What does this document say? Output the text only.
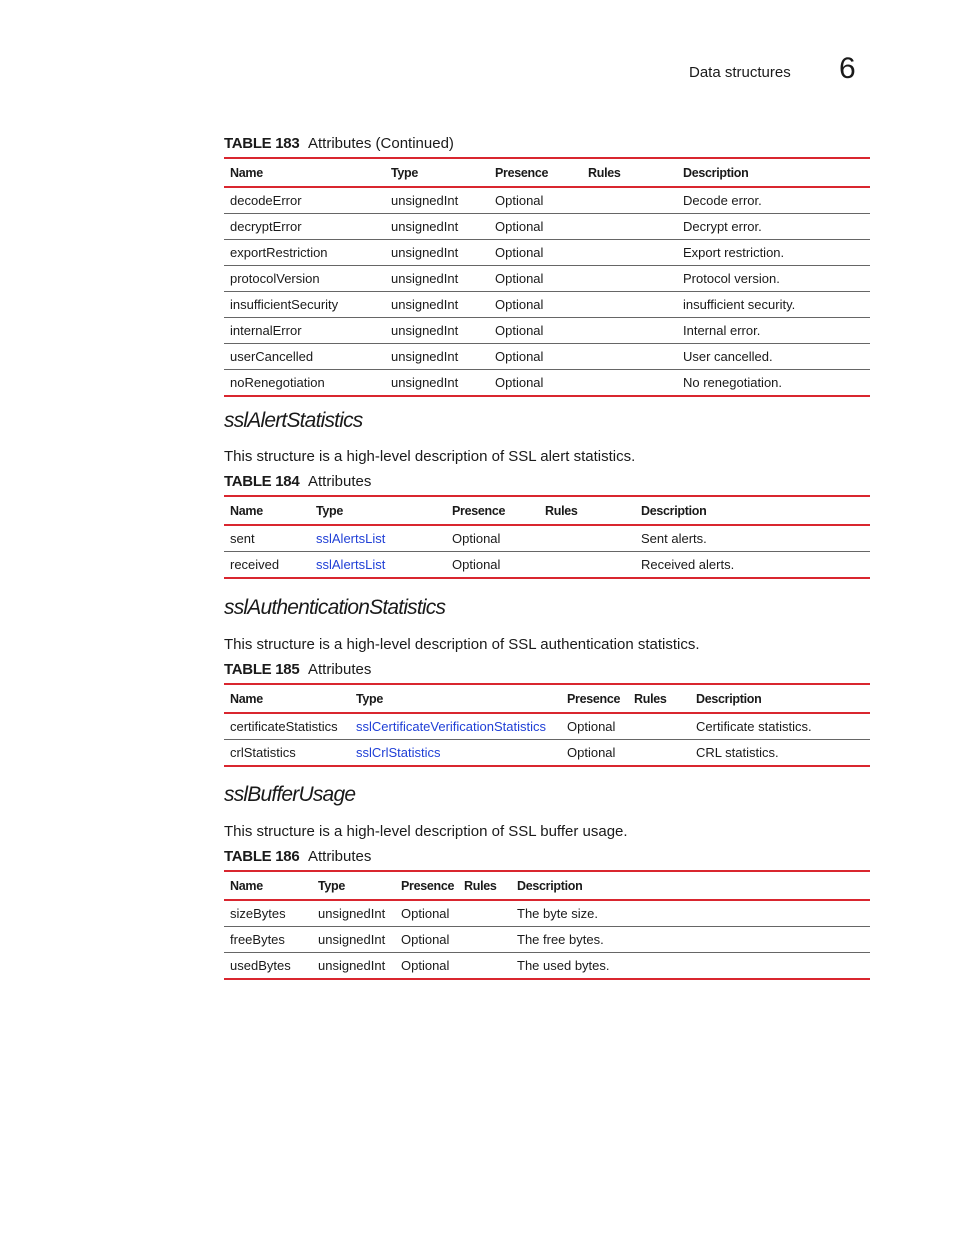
Data structures 6
TABLE 183 Attributes (Continued)
Name	Type	Presence	Rules	Description
decodeError	unsignedInt	Optional		Decode error.
decryptError	unsignedInt	Optional		Decrypt error.
exportRestriction	unsignedInt	Optional		Export restriction.
protocolVersion	unsignedInt	Optional		Protocol version.
insufficientSecurity	unsignedInt	Optional		insufficient security.
internalError	unsignedInt	Optional		Internal error.
userCancelled	unsignedInt	Optional		User cancelled.
noRenegotiation	unsignedInt	Optional		No renegotiation.
sslAlertStatistics
This structure is a high-level description of SSL alert statistics.
TABLE 184 Attributes
Name	Type	Presence	Rules	Description
sent	sslAlertsList	Optional		Sent alerts.
received	sslAlertsList	Optional		Received alerts.
sslAuthenticationStatistics
This structure is a high-level description of SSL authentication statistics.
TABLE 185 Attributes
Name	Type	Presence	Rules	Description
certificateStatistics	sslCertificateVerificationStatistics	Optional		Certificate statistics.
crlStatistics	sslCrlStatistics	Optional		CRL statistics.
sslBufferUsage
This structure is a high-level description of SSL buffer usage.
TABLE 186 Attributes
Name	Type	Presence	Rules	Description
sizeBytes	unsignedInt	Optional		The byte size.
freeBytes	unsignedInt	Optional		The free bytes.
usedBytes	unsignedInt	Optional		The used bytes.
